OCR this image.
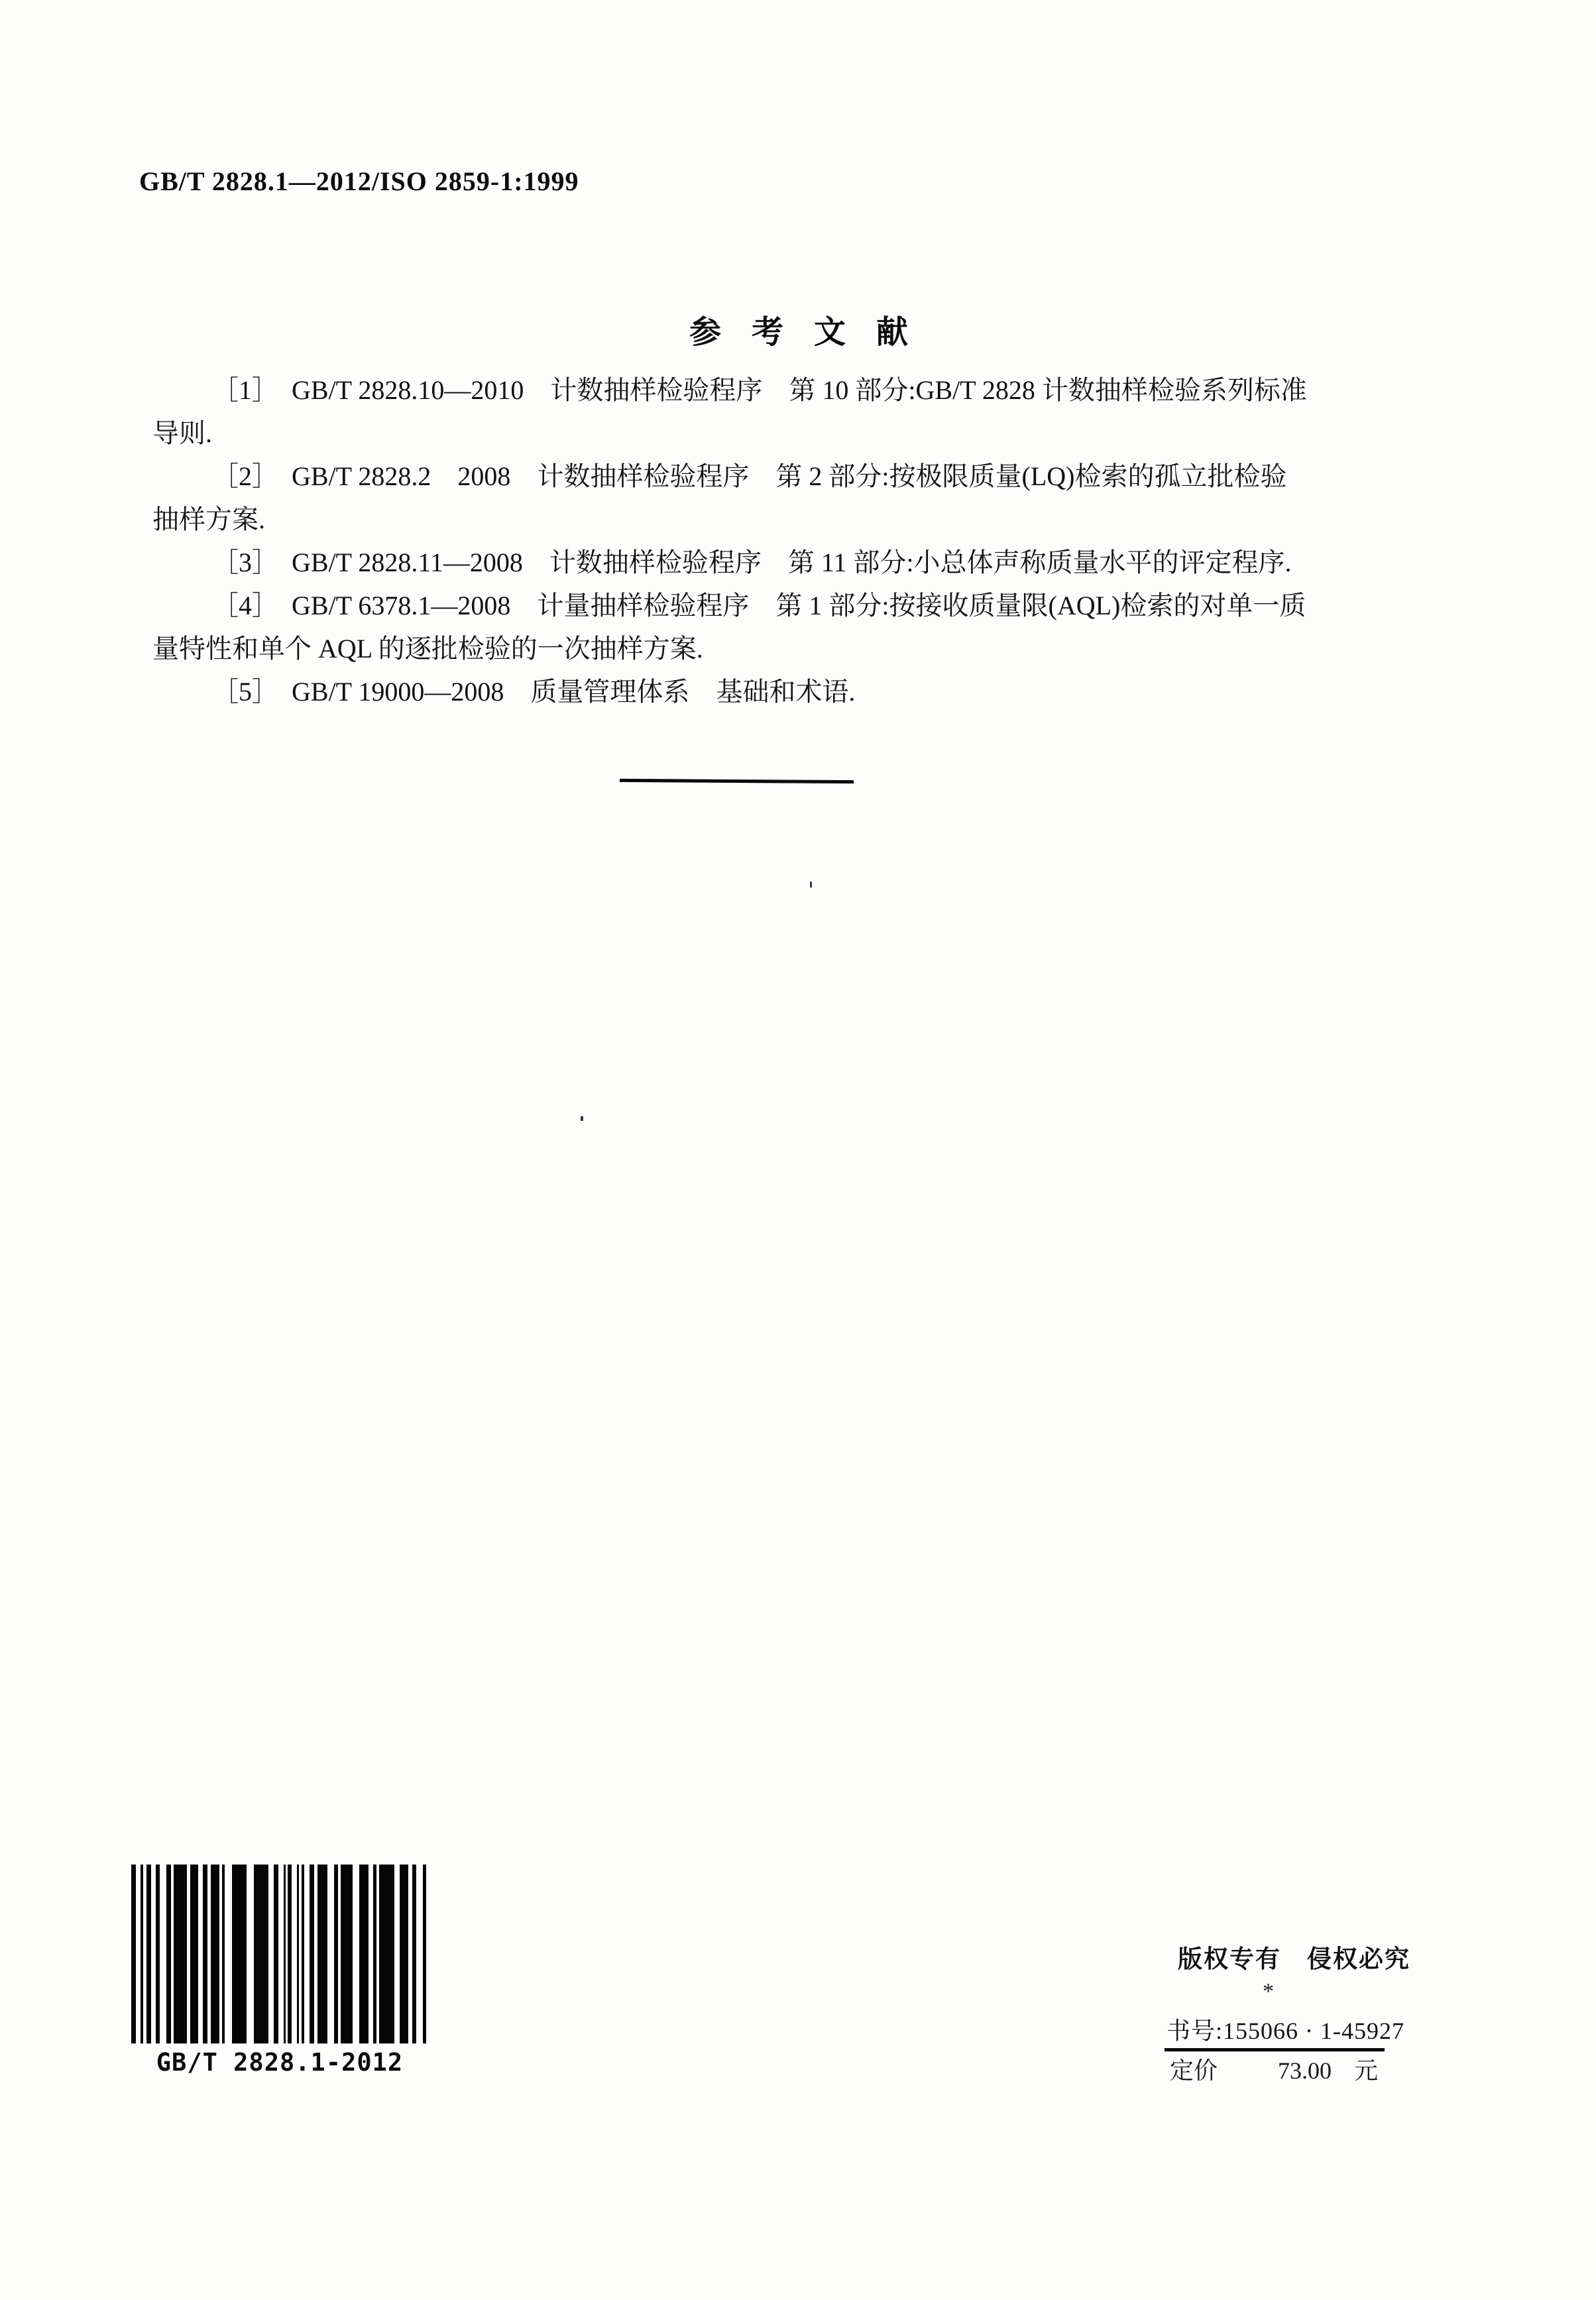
GB/T 2828.1—2012/ISO 2859-1:1999
参考文献
［1］　GB/T 2828.10—2010　计数抽样检验程序　第 10 部分:GB/T 2828 计数抽样检验系列标准
导则.
［2］　GB/T 2828.2　2008　计数抽样检验程序　第 2 部分:按极限质量(LQ)检索的孤立批检验
抽样方案.
［3］　GB/T 2828.11—2008　计数抽样检验程序　第 11 部分:小总体声称质量水平的评定程序.
［4］　GB/T 6378.1—2008　计量抽样检验程序　第 1 部分:按接收质量限(AQL)检索的对单一质
量特性和单个 AQL 的逐批检验的一次抽样方案.
［5］　GB/T 19000—2008　质量管理体系　基础和术语.
GB/T 2828.1-2012
版权专有　侵权必究
*
书号:155066 · 1-45927
定价	73.00 元
